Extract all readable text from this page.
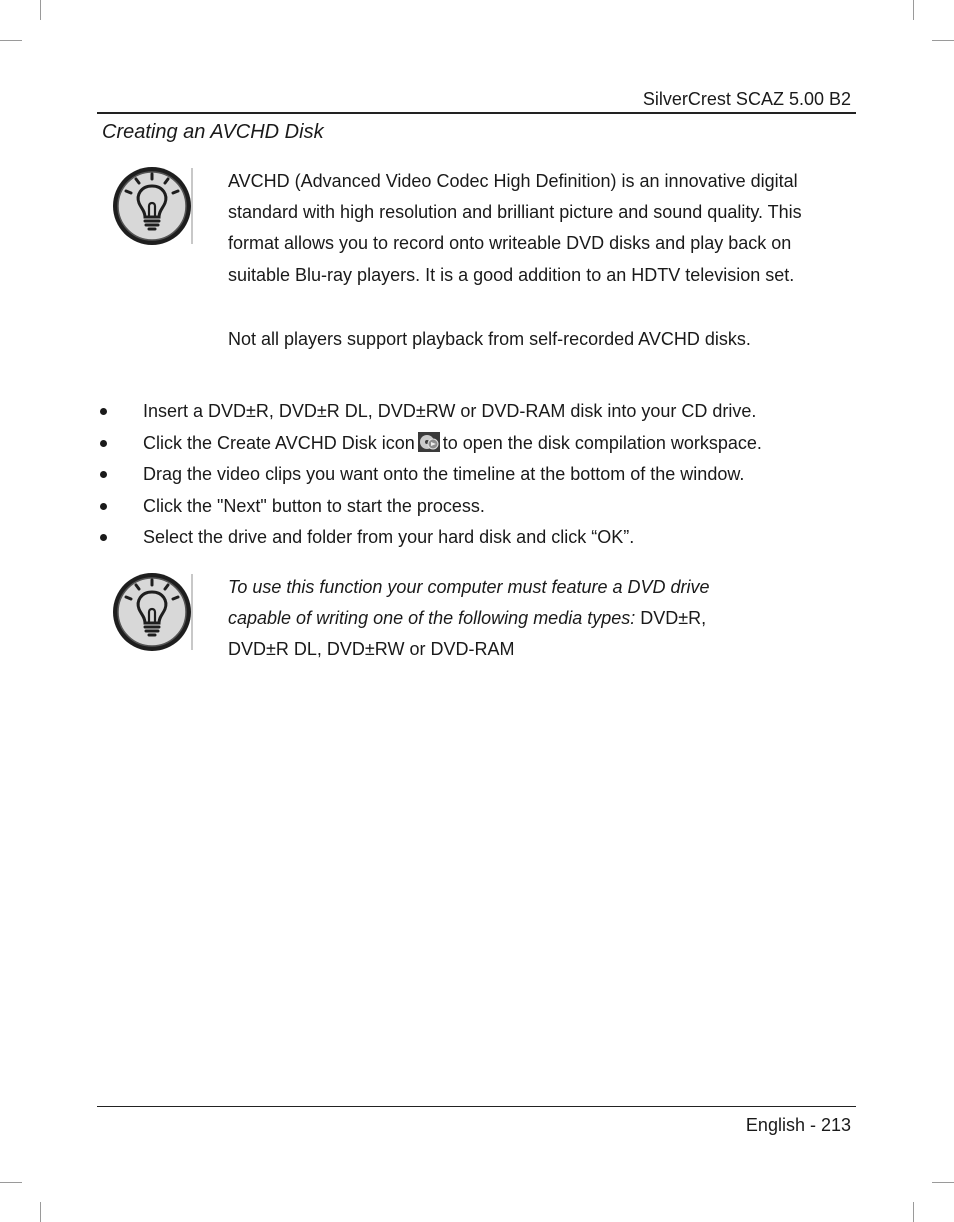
SilverCrest SCAZ 5.00 B2
Creating an AVCHD Disk

AVCHD (Advanced Video Codec High Definition) is an innovative digital standard with high resolution and brilliant picture and sound quality. This format allows you to record onto writeable DVD disks and play back on suitable Blu-ray players. It is a good addition to an HDTV television set.

Not all players support playback from self-recorded AVCHD disks.

Insert a DVD±R, DVD±R DL, DVD±RW or DVD-RAM disk into your CD drive.
Click the Create AVCHD Disk icon to open the disk compilation workspace.
Drag the video clips you want onto the timeline at the bottom of the window.
Click the "Next" button to start the process.
Select the drive and folder from your hard disk and click “OK”.

To use this function your computer must feature a DVD drive capable of writing one of the following media types: DVD±R, DVD±R DL, DVD±RW or DVD-RAM

English - 213
